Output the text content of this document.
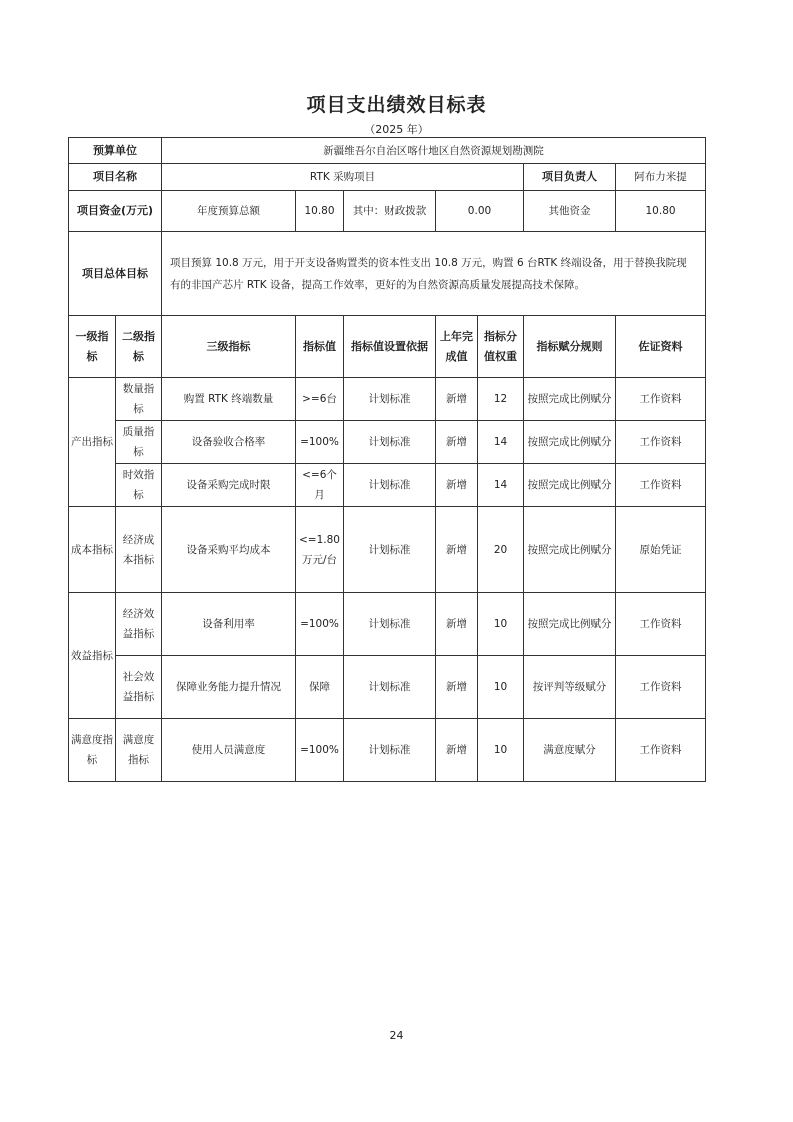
项目支出绩效目标表
（2025 年）
预算单位		新疆维吾尔自治区喀什地区自然资源规划勘测院						
项目名称		RTK 采购项目					项目负责人	阿布力米提
项目资金(万元)		年度预算总额	10.80	其中：财政拨款	0.00		其他资金	10.80
项目总体目标		项目预算 10.8 万元，用于开支设备购置类的资本性支出 10.8 万元，购置 6 台RTK 终端设备，用于替换我院现有的非国产芯片 RTK 设备，提高工作效率，更好的为自然资源高质量发展提高技术保障。						
一级指标	二级指标	三级指标	指标值	指标值设置依据	上年完成值	指标分值权重	指标赋分规则	佐证资料
产出指标	数量指标	购置 RTK 终端数量	>=6台	计划标准	新增	12	按照完成比例赋分	工作资料
	质量指标	设备验收合格率	=100%	计划标准	新增	14	按照完成比例赋分	工作资料
	时效指标	设备采购完成时限	<=6个月	计划标准	新增	14	按照完成比例赋分	工作资料
成本指标	经济成本指标	设备采购平均成本	<=1.80万元/台	计划标准	新增	20	按照完成比例赋分	原始凭证
效益指标	经济效益指标	设备利用率	=100%	计划标准	新增	10	按照完成比例赋分	工作资料
	社会效益指标	保障业务能力提升情况	保障	计划标准	新增	10	按评判等级赋分	工作资料
满意度指标	满意度指标	使用人员满意度	=100%	计划标准	新增	10	满意度赋分	工作资料
24
